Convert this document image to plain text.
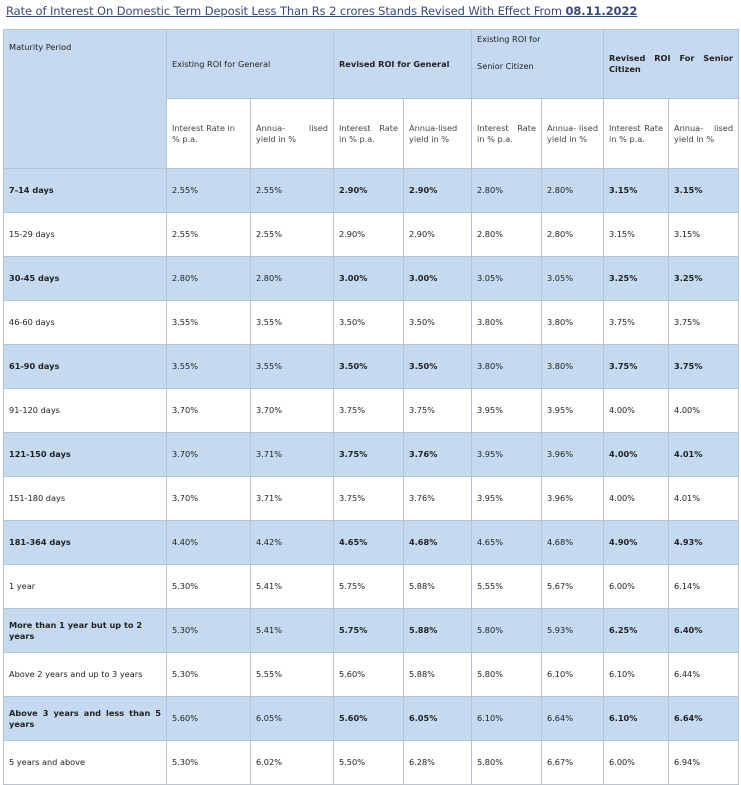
Rate of Interest On Domestic Term Deposit Less Than Rs 2 crores Stands Revised With Effect From 08.11.2022
Maturity Period	Existing ROI for General		Revised ROI for General		Existing ROI for
Senior Citizen		Revised ROI For Senior Citizen	
	Interest Rate in % p.a.	Annua- lised yield in %	Interest Rate in % p.a.	Annua-lised yield in %	Interest Rate in % p.a.	Annua- lised yield in %	Interest Rate in % p.a.	Annua- lised yield in %
7-14 days	2.55%	2.55%	2.90%	2.90%	2.80%	2.80%	3.15%	3.15%
15-29 days	2.55%	2.55%	2.90%	2.90%	2.80%	2.80%	3.15%	3.15%
30-45 days	2.80%	2.80%	3.00%	3.00%	3.05%	3.05%	3.25%	3.25%
46-60 days	3.55%	3.55%	3.50%	3.50%	3.80%	3.80%	3.75%	3.75%
61-90 days	3.55%	3.55%	3.50%	3.50%	3.80%	3.80%	3.75%	3.75%
91-120 days	3.70%	3.70%	3.75%	3.75%	3.95%	3.95%	4.00%	4.00%
121-150 days	3.70%	3.71%	3.75%	3.76%	3.95%	3.96%	4.00%	4.01%
151-180 days	3.70%	3.71%	3.75%	3.76%	3.95%	3.96%	4.00%	4.01%
181-364 days	4.40%	4.42%	4.65%	4.68%	4.65%	4.68%	4.90%	4.93%
1 year	5.30%	5.41%	5.75%	5.88%	5.55%	5.67%	6.00%	6.14%
More than 1 year but up to 2 years	5.30%	5.41%	5.75%	5.88%	5.80%	5.93%	6.25%	6.40%
Above 2 years and up to 3 years	5.30%	5.55%	5.60%	5.88%	5.80%	6.10%	6.10%	6.44%
Above 3 years and less than 5 years	5.60%	6.05%	5.60%	6.05%	6.10%	6.64%	6.10%	6.64%
5 years and above	5.30%	6.02%	5.50%	6.28%	5.80%	6.67%	6.00%	6.94%
